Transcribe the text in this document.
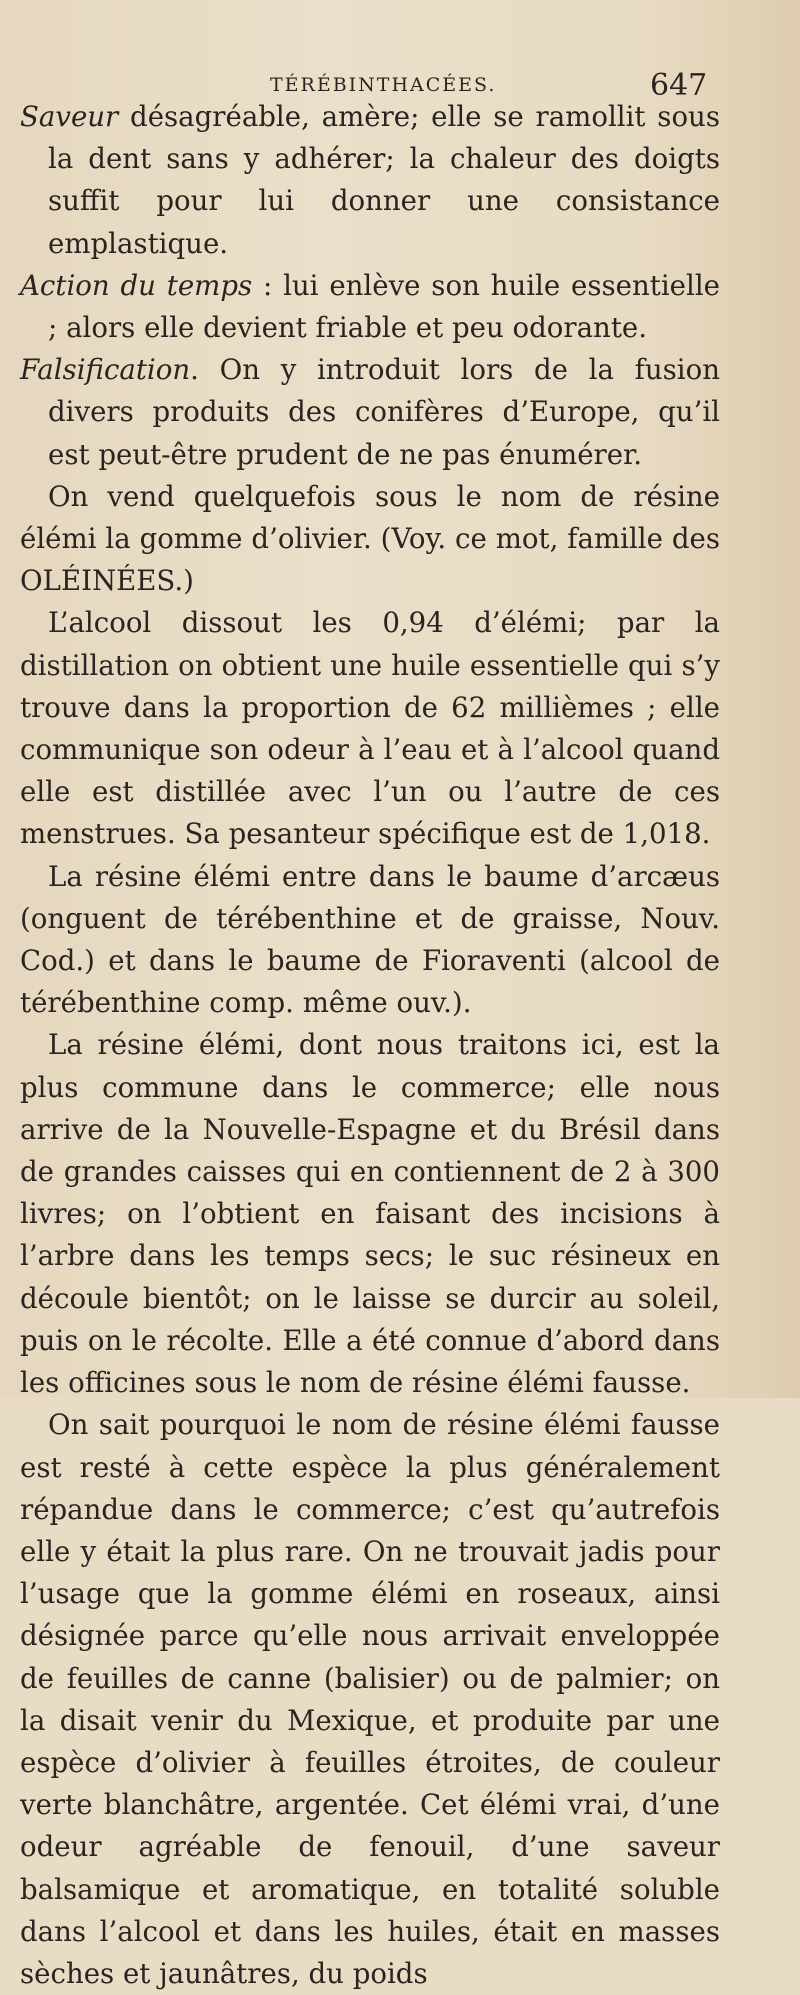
TÉRÉBINTHACÉES.	647

Saveur désagréable, amère; elle se ramollit sous la dent sans y adhérer; la chaleur des doigts suffit pour lui donner une consistance emplastique.

Action du temps : lui enlève son huile essentielle ; alors elle devient friable et peu odorante.

Falsification. On y introduit lors de la fusion divers produits des conifères d’Europe, qu’il est peut-être prudent de ne pas énumérer.

On vend quelquefois sous le nom de résine élémi la gomme d’olivier. (Voy. ce mot, famille des OLÉINÉES.)

L’alcool dissout les 0,94 d’élémi; par la distillation on obtient une huile essentielle qui s’y trouve dans la proportion de 62 millièmes ; elle communique son odeur à l’eau et à l’alcool quand elle est distillée avec l’un ou l’autre de ces menstrues. Sa pesanteur spécifique est de 1,018.

La résine élémi entre dans le baume d’arcæus (onguent de térébenthine et de graisse, Nouv. Cod.) et dans le baume de Fioraventi (alcool de térébenthine comp. même ouv.).

La résine élémi, dont nous traitons ici, est la plus commune dans le commerce; elle nous arrive de la Nouvelle-Espagne et du Brésil dans de grandes caisses qui en contiennent de 2 à 300 livres; on l’obtient en faisant des incisions à l’arbre dans les temps secs; le suc résineux en découle bientôt; on le laisse se durcir au soleil, puis on le récolte. Elle a été connue d’abord dans les officines sous le nom de résine élémi fausse.

On sait pourquoi le nom de résine élémi fausse est resté à cette espèce la plus généralement répandue dans le commerce; c’est qu’autrefois elle y était la plus rare. On ne trouvait jadis pour l’usage que la gomme élémi en roseaux, ainsi désignée parce qu’elle nous arrivait enveloppée de feuilles de canne (balisier) ou de palmier; on la disait venir du Mexique, et produite par une espèce d’olivier à feuilles étroites, de couleur verte blanchâtre, argentée. Cet élémi vrai, d’une odeur agréable de fenouil, d’une saveur balsamique et aromatique, en totalité soluble dans l’alcool et dans les huiles, était en masses sèches et jaunâtres, du poids
